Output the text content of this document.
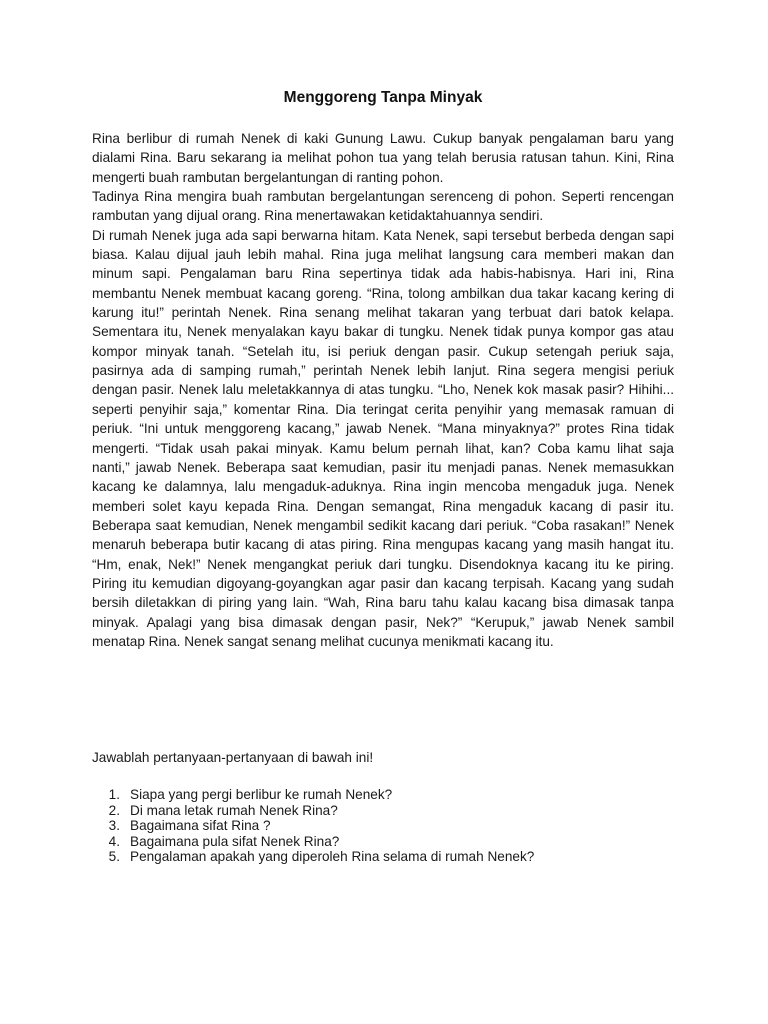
Menggoreng Tanpa Minyak

Rina berlibur di rumah Nenek di kaki Gunung Lawu. Cukup banyak pengalaman baru yang dialami Rina. Baru sekarang ia melihat pohon tua yang telah berusia ratusan tahun. Kini, Rina mengerti buah rambutan bergelantungan di ranting pohon.

Tadinya Rina mengira buah rambutan bergelantungan serenceng di pohon. Seperti rencengan rambutan yang dijual orang. Rina menertawakan ketidaktahuannya sendiri.

Di rumah Nenek juga ada sapi berwarna hitam. Kata Nenek, sapi tersebut berbeda dengan sapi biasa. Kalau dijual jauh lebih mahal. Rina juga melihat langsung cara memberi makan dan minum sapi. Pengalaman baru Rina sepertinya tidak ada habis-habisnya. Hari ini, Rina membantu Nenek membuat kacang goreng. “Rina, tolong ambilkan dua takar kacang kering di karung itu!” perintah Nenek. Rina senang melihat takaran yang terbuat dari batok kelapa. Sementara itu, Nenek menyalakan kayu bakar di tungku. Nenek tidak punya kompor gas atau kompor minyak tanah. “Setelah itu, isi periuk dengan pasir. Cukup setengah periuk saja, pasirnya ada di samping rumah,” perintah Nenek lebih lanjut. Rina segera mengisi periuk dengan pasir. Nenek lalu meletakkannya di atas tungku. “Lho, Nenek kok masak pasir? Hihihi... seperti penyihir saja,” komentar Rina. Dia teringat cerita penyihir yang memasak ramuan di periuk. “Ini untuk menggoreng kacang,” jawab Nenek. “Mana minyaknya?” protes Rina tidak mengerti. “Tidak usah pakai minyak. Kamu belum pernah lihat, kan? Coba kamu lihat saja nanti,” jawab Nenek. Beberapa saat kemudian, pasir itu menjadi panas. Nenek memasukkan kacang ke dalamnya, lalu mengaduk-aduknya. Rina ingin mencoba mengaduk juga. Nenek memberi solet kayu kepada Rina. Dengan semangat, Rina mengaduk kacang di pasir itu. Beberapa saat kemudian, Nenek mengambil sedikit kacang dari periuk. “Coba rasakan!” Nenek menaruh beberapa butir kacang di atas piring. Rina mengupas kacang yang masih hangat itu. “Hm, enak, Nek!” Nenek mengangkat periuk dari tungku. Disendoknya kacang itu ke piring. Piring itu kemudian digoyang-goyangkan agar pasir dan kacang terpisah. Kacang yang sudah bersih diletakkan di piring yang lain. “Wah, Rina baru tahu kalau kacang bisa dimasak tanpa minyak. Apalagi yang bisa dimasak dengan pasir, Nek?” “Kerupuk,” jawab Nenek sambil menatap Rina. Nenek sangat senang melihat cucunya menikmati kacang itu.

Jawablah pertanyaan-pertanyaan di bawah ini!

1. Siapa yang pergi berlibur ke rumah Nenek?
2. Di mana letak rumah Nenek Rina?
3. Bagaimana sifat Rina ?
4. Bagaimana pula sifat Nenek Rina?
5. Pengalaman apakah yang diperoleh Rina selama di rumah Nenek?
